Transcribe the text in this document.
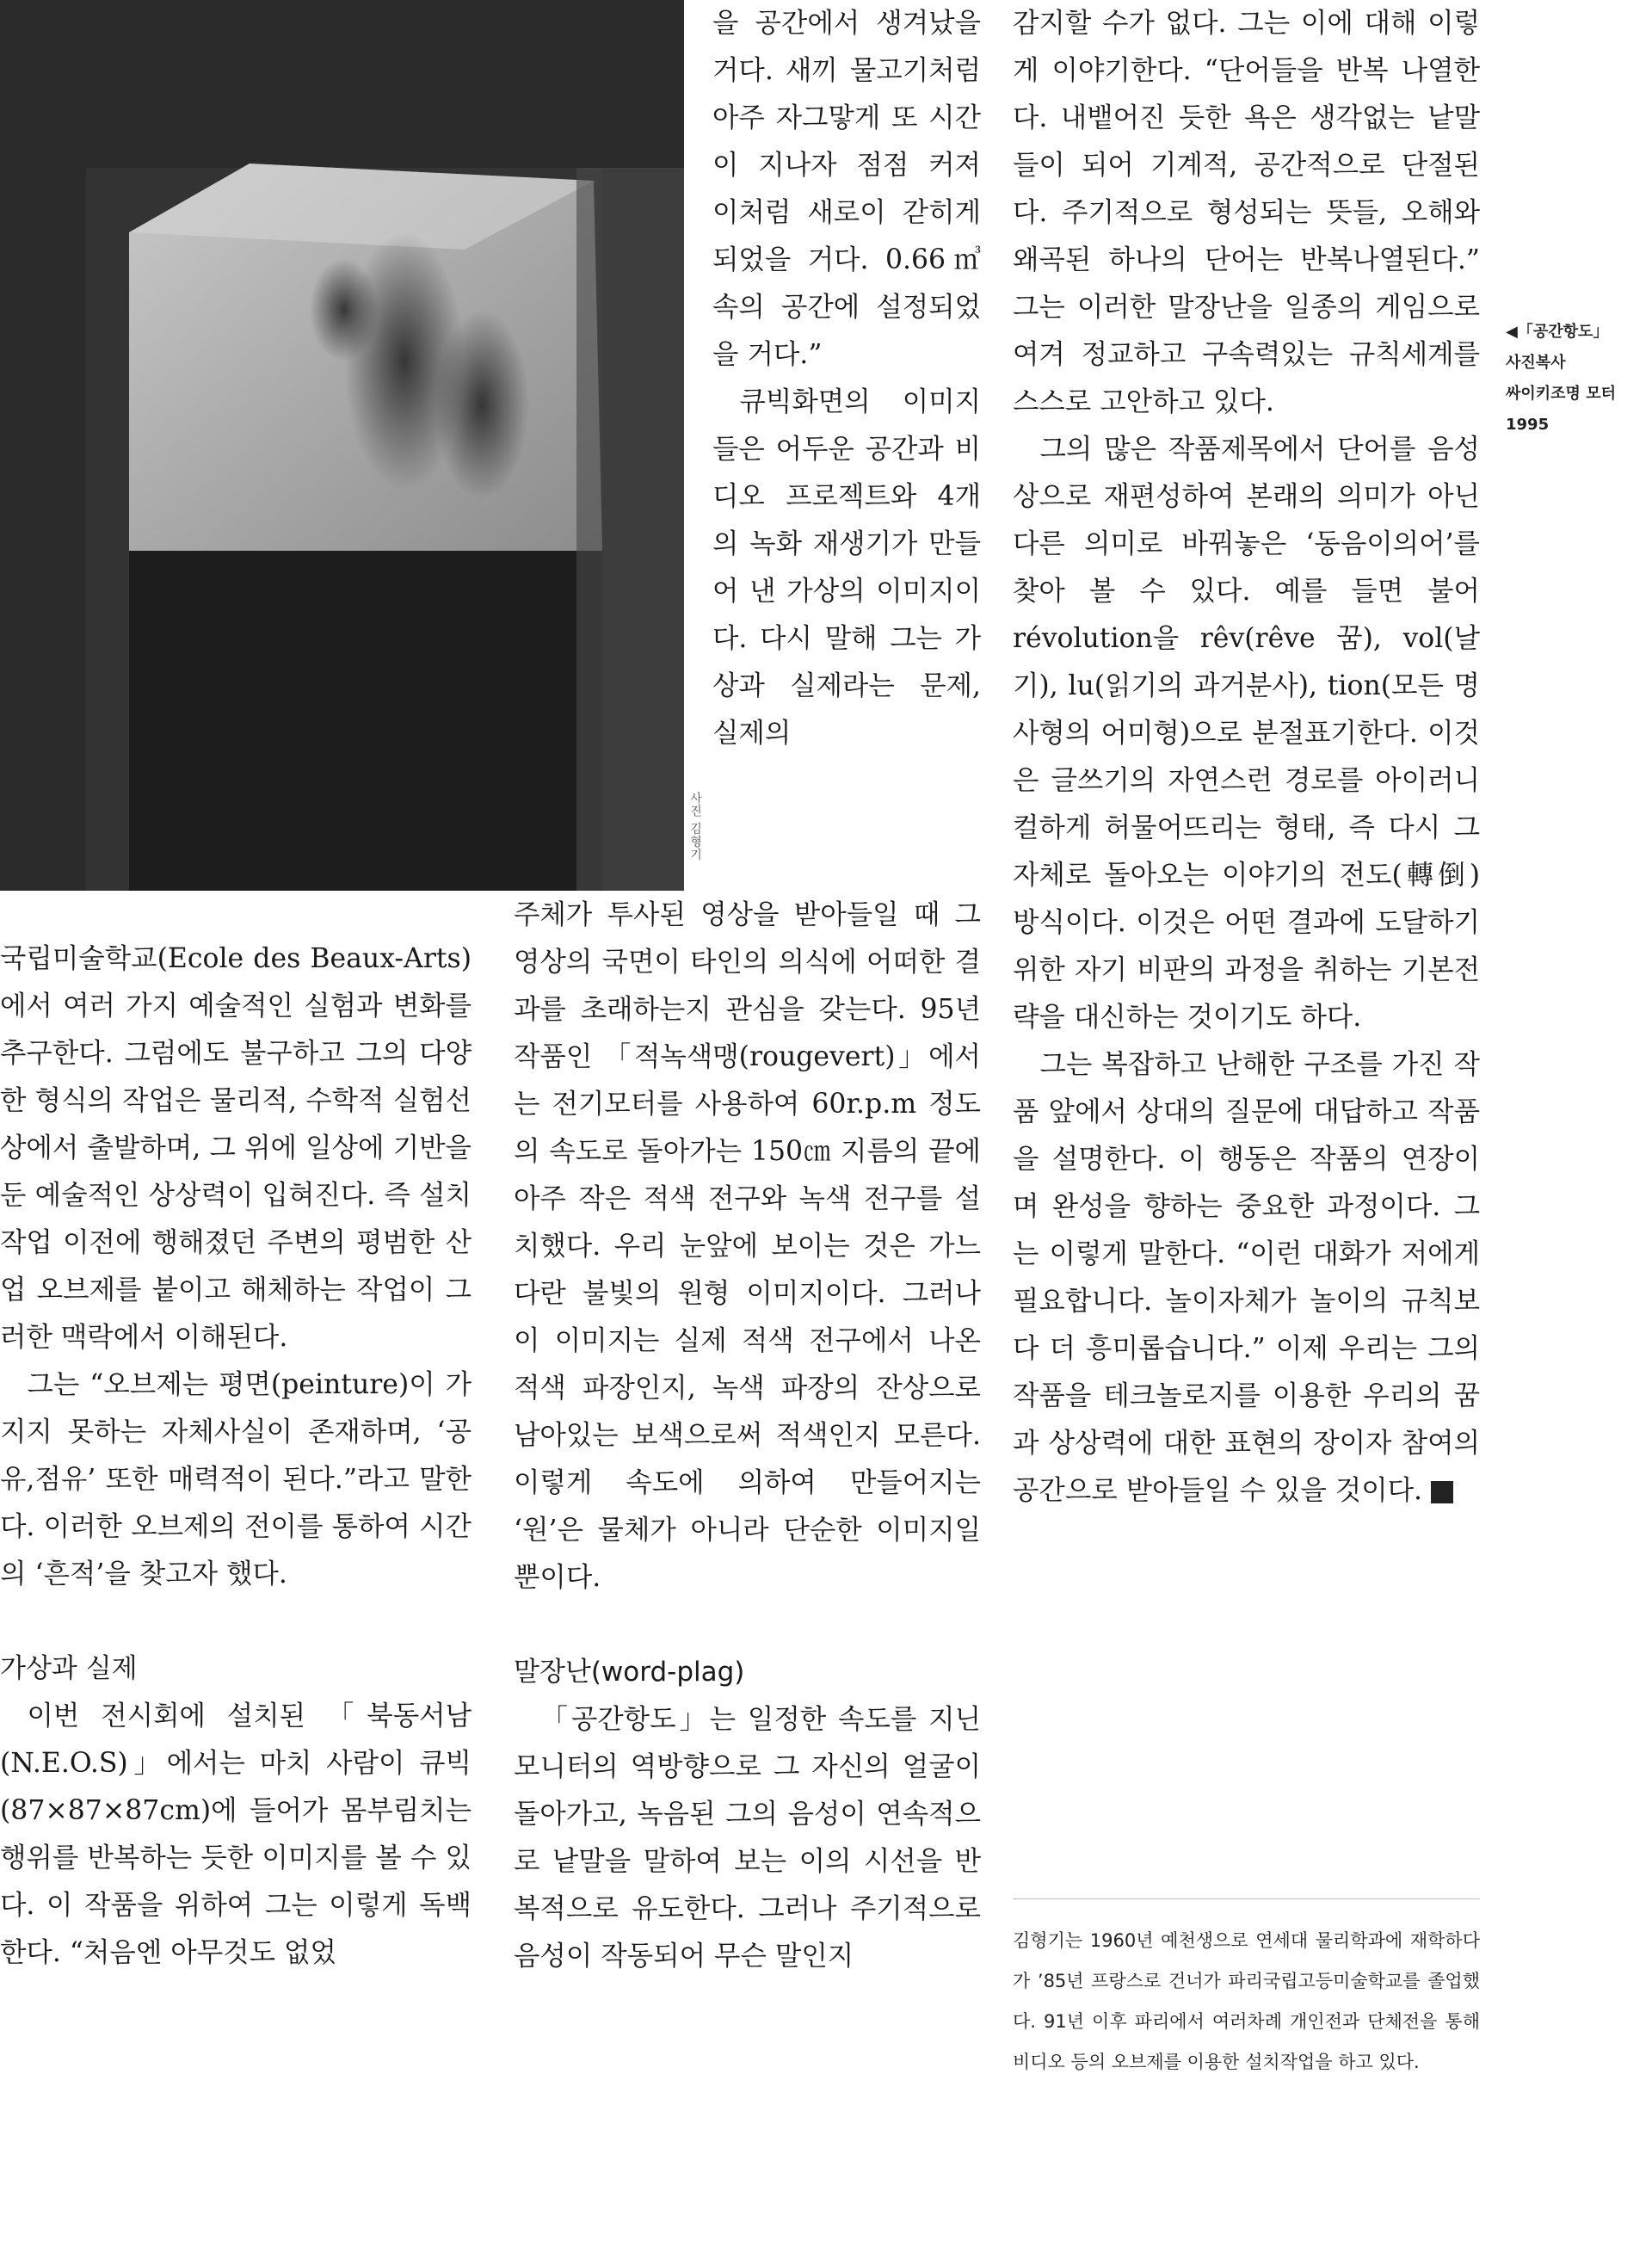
사진 김형기

을 공간에서 생겨났을 거다. 새끼 물고기처럼 아주 자그맣게 또 시간이 지나자 점점 커져 이처럼 새로이 갇히게 되었을 거다. 0.66㎥속의 공간에 설정되었을 거다.”

큐빅화면의 이미지들은 어두운 공간과 비디오 프로젝트와 4개의 녹화 재생기가 만들어 낸 가상의 이미지이다. 다시 말해 그는 가상과 실제라는 문제, 실제의

국립미술학교(Ecole des Beaux-Arts)에서 여러 가지 예술적인 실험과 변화를 추구한다. 그럼에도 불구하고 그의 다양한 형식의 작업은 물리적, 수학적 실험선상에서 출발하며, 그 위에 일상에 기반을 둔 예술적인 상상력이 입혀진다. 즉 설치작업 이전에 행해졌던 주변의 평범한 산업 오브제를 붙이고 해체하는 작업이 그러한 맥락에서 이해된다.

그는 “오브제는 평면(peinture)이 가지지 못하는 자체사실이 존재하며, ‘공유,점유’ 또한 매력적이 된다.”라고 말한다. 이러한 오브제의 전이를 통하여 시간의 ‘흔적’을 찾고자 했다.

가상과 실제

이번 전시회에 설치된 「북동서남(N.E.O.S)」에서는 마치 사람이 큐빅(87×87×87cm)에 들어가 몸부림치는 행위를 반복하는 듯한 이미지를 볼 수 있다. 이 작품을 위하여 그는 이렇게 독백한다. “처음엔 아무것도 없었

주체가 투사된 영상을 받아들일 때 그 영상의 국면이 타인의 의식에 어떠한 결과를 초래하는지 관심을 갖는다. 95년 작품인 「적녹색맹(rougevert)」에서는 전기모터를 사용하여 60r.p.m 정도의 속도로 돌아가는 150㎝ 지름의 끝에 아주 작은 적색 전구와 녹색 전구를 설치했다. 우리 눈앞에 보이는 것은 가느다란 불빛의 원형 이미지이다. 그러나 이 이미지는 실제 적색 전구에서 나온 적색 파장인지, 녹색 파장의 잔상으로 남아있는 보색으로써 적색인지 모른다. 이렇게 속도에 의하여 만들어지는 ‘원’은 물체가 아니라 단순한 이미지일 뿐이다.

말장난(word-plag)

「공간항도」는 일정한 속도를 지닌 모니터의 역방향으로 그 자신의 얼굴이 돌아가고, 녹음된 그의 음성이 연속적으로 낱말을 말하여 보는 이의 시선을 반복적으로 유도한다. 그러나 주기적으로 음성이 작동되어 무슨 말인지

감지할 수가 없다. 그는 이에 대해 이렇게 이야기한다. “단어들을 반복 나열한다. 내뱉어진 듯한 욕은 생각없는 낱말들이 되어 기계적, 공간적으로 단절된다. 주기적으로 형성되는 뜻들, 오해와 왜곡된 하나의 단어는 반복나열된다.” 그는 이러한 말장난을 일종의 게임으로 여겨 정교하고 구속력있는 규칙세계를 스스로 고안하고 있다.

그의 많은 작품제목에서 단어를 음성 상으로 재편성하여 본래의 의미가 아닌 다른 의미로 바꿔놓은 ‘동음이의어’를 찾아 볼 수 있다. 예를 들면 불어 révolution을 rêv(rêve 꿈), vol(날기), lu(읽기의 과거분사), tion(모든 명사형의 어미형)으로 분절표기한다. 이것은 글쓰기의 자연스런 경로를 아이러니컬하게 허물어뜨리는 형태, 즉 다시 그 자체로 돌아오는 이야기의 전도(轉倒) 방식이다. 이것은 어떤 결과에 도달하기 위한 자기 비판의 과정을 취하는 기본전략을 대신하는 것이기도 하다.

그는 복잡하고 난해한 구조를 가진 작품 앞에서 상대의 질문에 대답하고 작품을 설명한다. 이 행동은 작품의 연장이며 완성을 향하는 중요한 과정이다. 그는 이렇게 말한다. “이런 대화가 저에게 필요합니다. 놀이자체가 놀이의 규칙보다 더 흥미롭습니다.” 이제 우리는 그의 작품을 테크놀로지를 이용한 우리의 꿈과 상상력에 대한 표현의 장이자 참여의 공간으로 받아들일 수 있을 것이다.	미술

◀「공간항도」
사진복사
싸이키조명 모터
1995
김형기는 1960년 예천생으로 연세대 물리학과에 재학하다가 ’85년 프랑스로 건너가 파리국립고등미술학교를 졸업했다. 91년 이후 파리에서 여러차례 개인전과 단체전을 통해 비디오 등의 오브제를 이용한 설치작업을 하고 있다.
